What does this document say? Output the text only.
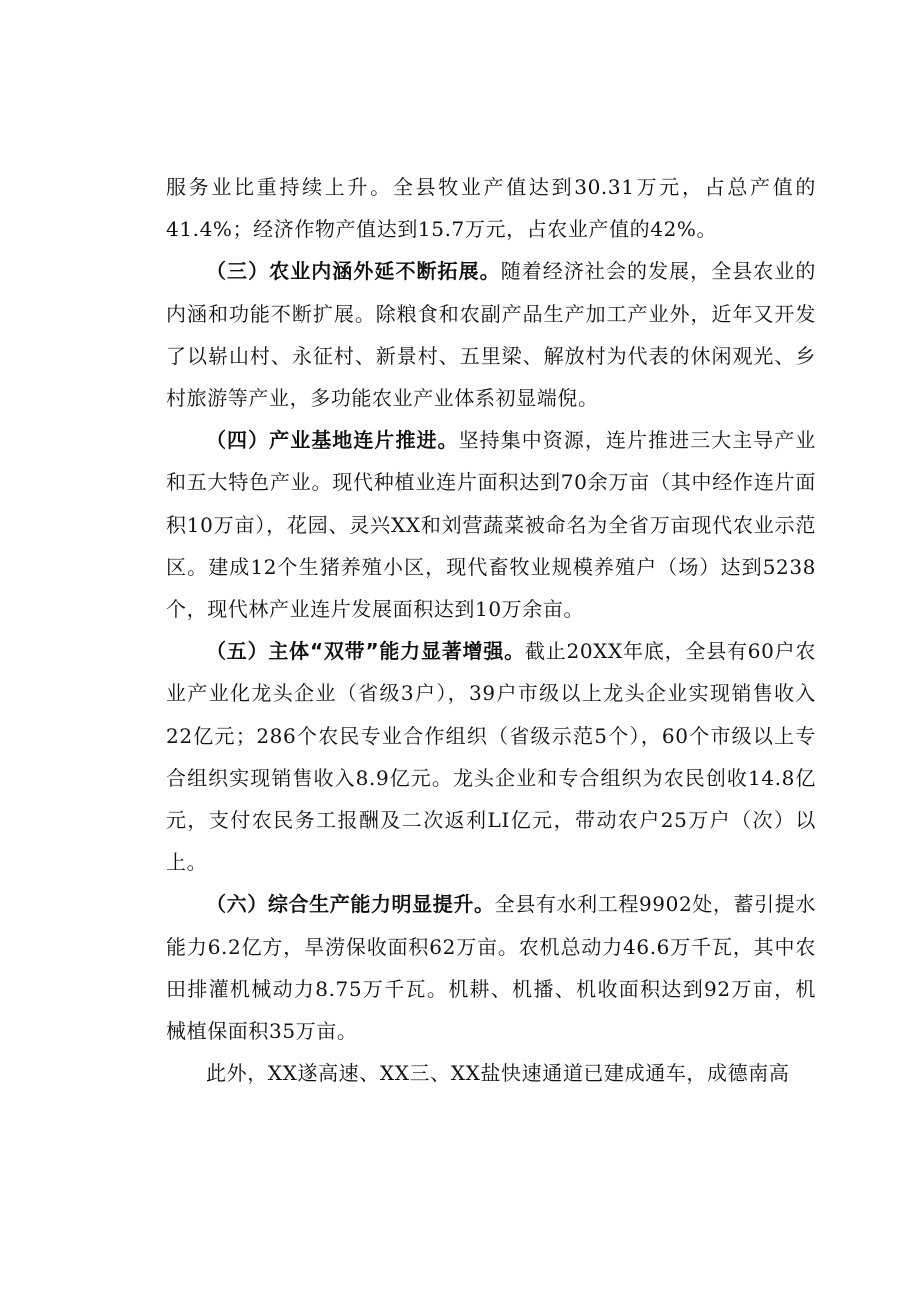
服务业比重持续上升。全县牧业产值达到30.31万元，占总产值的41.4%；经济作物产值达到15.7万元，占农业产值的42%。

（三）农业内涵外延不断拓展。随着经济社会的发展，全县农业的内涵和功能不断扩展。除粮食和农副产品生产加工产业外，近年又开发了以崭山村、永征村、新景村、五里梁、解放村为代表的休闲观光、乡村旅游等产业，多功能农业产业体系初显端倪。

（四）产业基地连片推进。坚持集中资源，连片推进三大主导产业和五大特色产业。现代种植业连片面积达到70余万亩（其中经作连片面积10万亩），花园、灵兴XX和刘营蔬菜被命名为全省万亩现代农业示范区。建成12个生猪养殖小区，现代畜牧业规模养殖户（场）达到5238个，现代林产业连片发展面积达到10万余亩。

（五）主体“双带”能力显著增强。截止20XX年底，全县有60户农业产业化龙头企业（省级3户），39户市级以上龙头企业实现销售收入22亿元；286个农民专业合作组织（省级示范5个），60个市级以上专合组织实现销售收入8.9亿元。龙头企业和专合组织为农民创收14.8亿元，支付农民务工报酬及二次返利LI亿元，带动农户25万户（次）以上。

（六）综合生产能力明显提升。全县有水利工程9902处，蓄引提水能力6.2亿方，旱涝保收面积62万亩。农机总动力46.6万千瓦，其中农田排灌机械动力8.75万千瓦。机耕、机播、机收面积达到92万亩，机械植保面积35万亩。

此外，XX遂高速、XX三、XX盐快速通道已建成通车，成德南高
